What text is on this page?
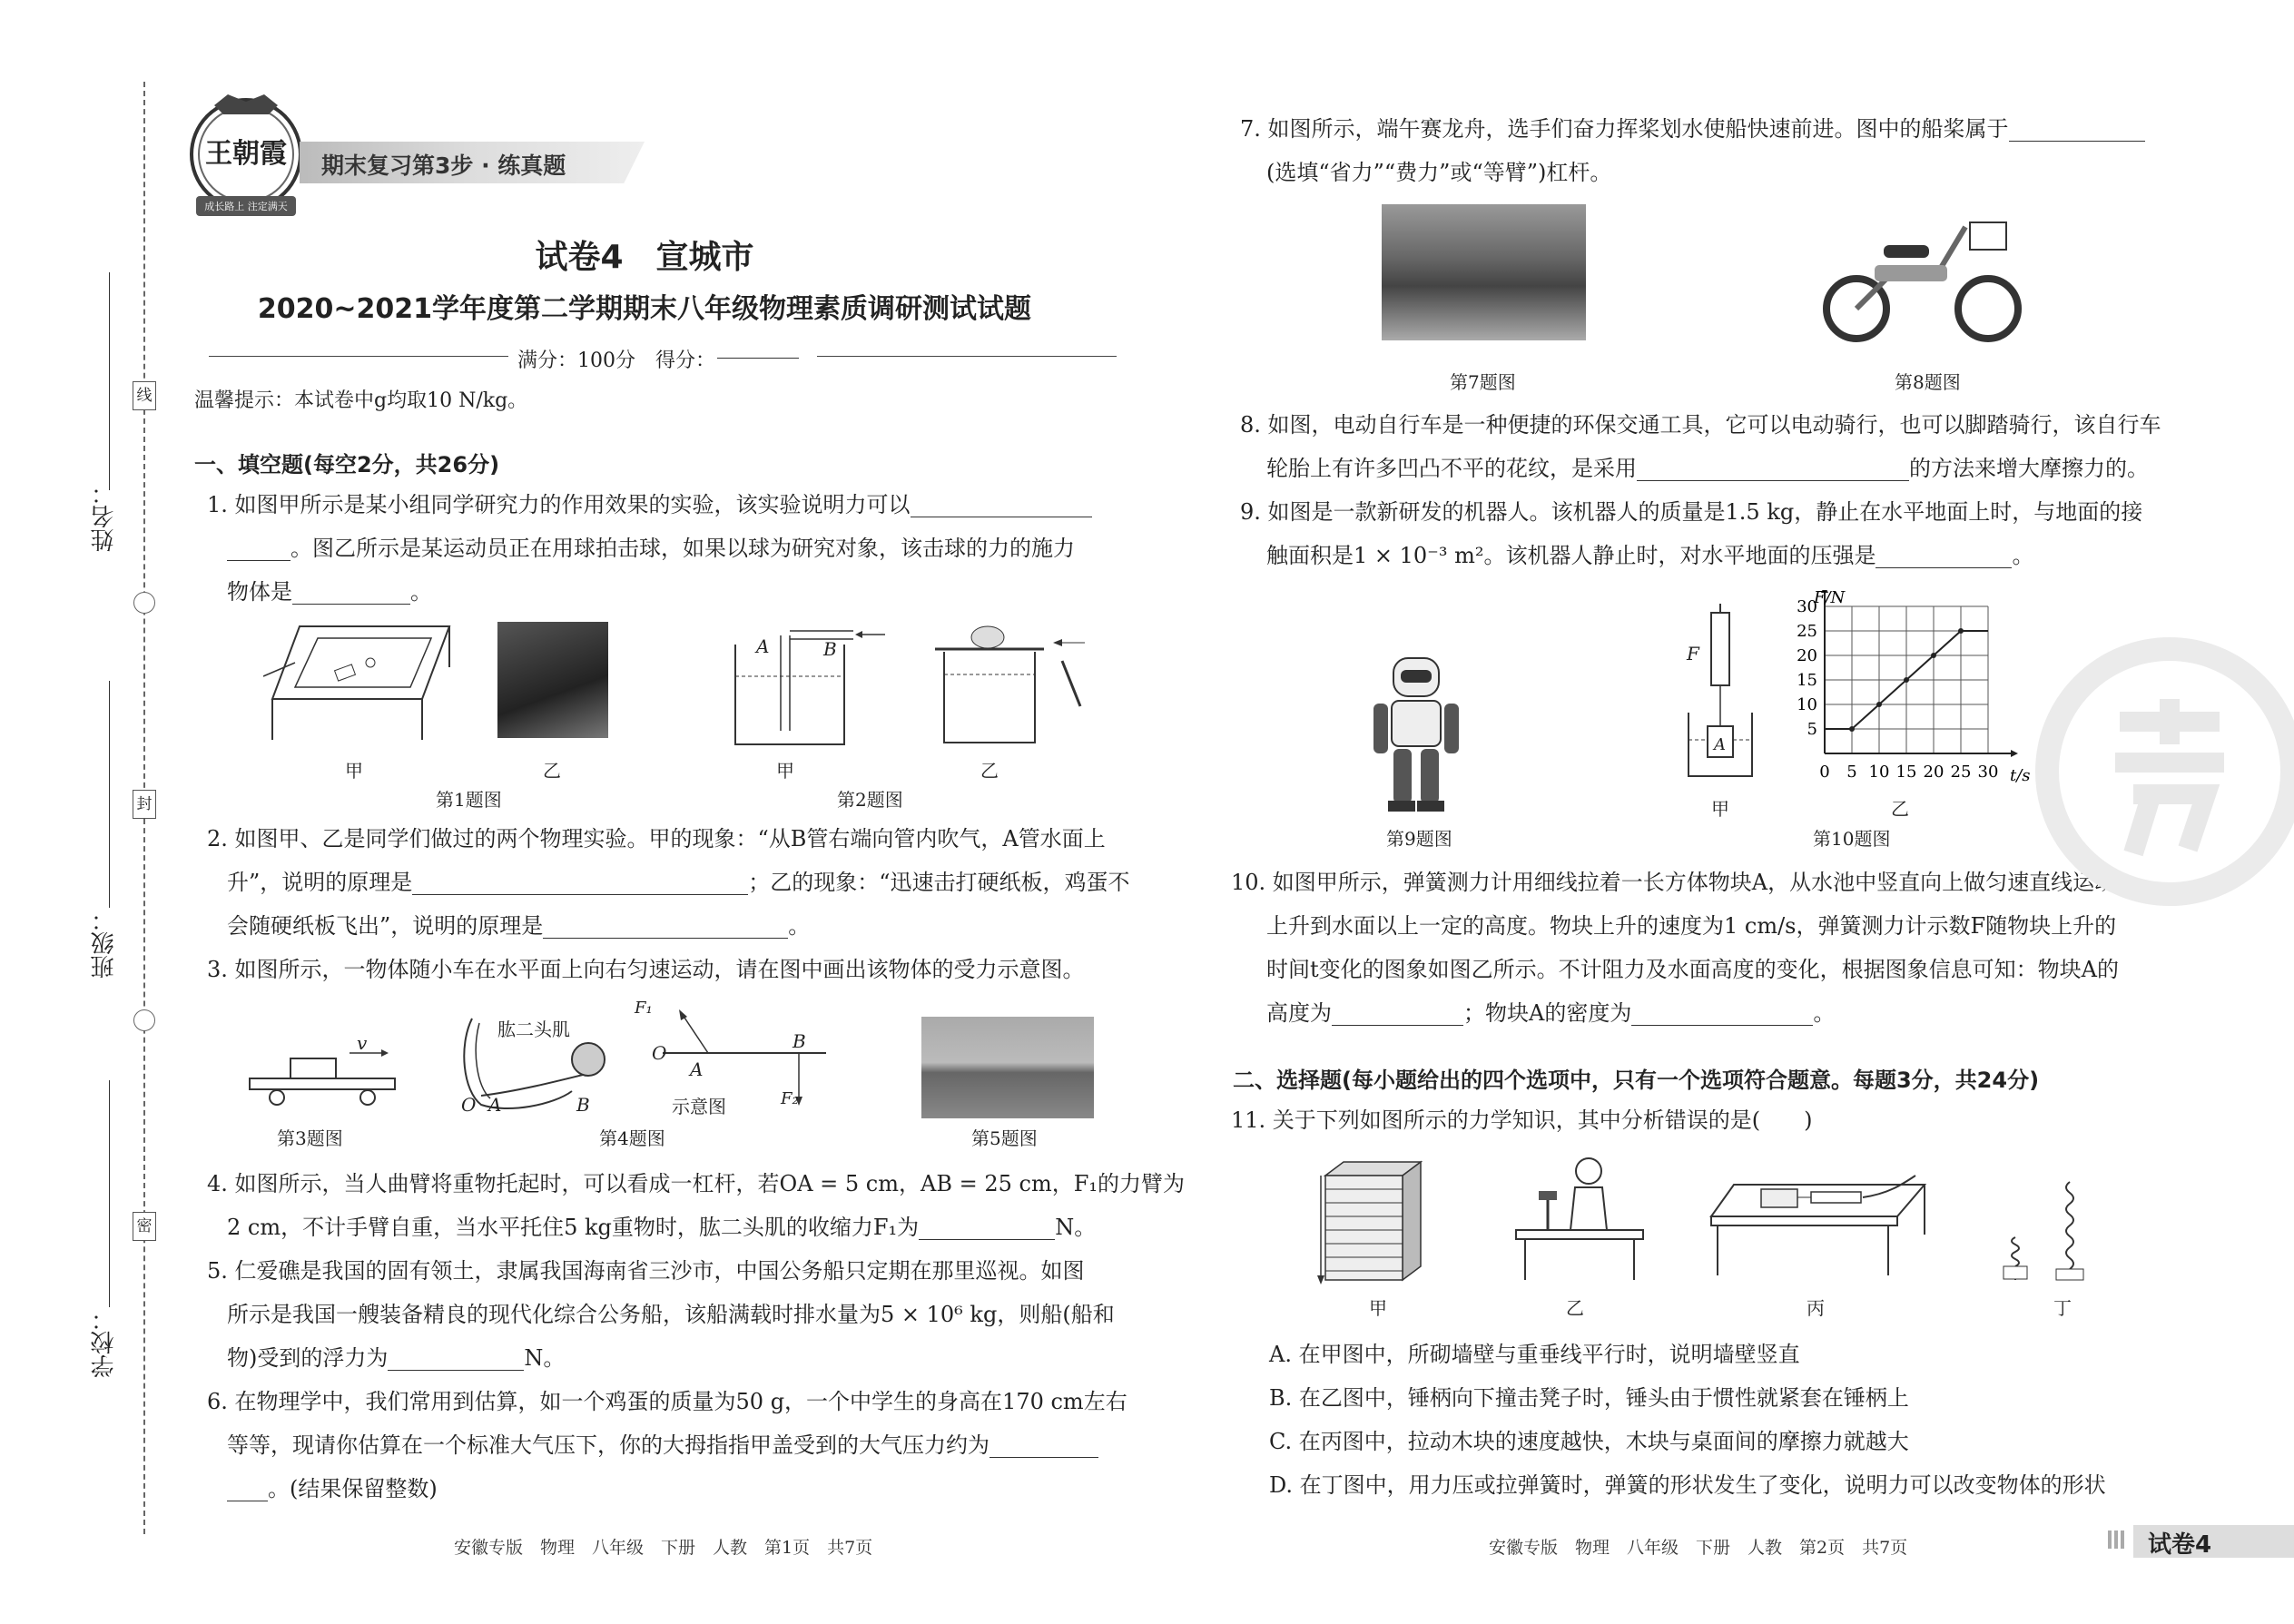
线
封
密
姓名：
班级：
学校：
王朝霞
成长路上 注定满天
期末复习第3步 · 练真题
试卷4　宣城市
2020~2021学年度第二学期期末八年级物理素质调研测试试题
满分：100分　得分：
温馨提示：本试卷中g均取10 N/kg。
一、填空题(每空2分，共26分)
1. 如图甲所示是某小组同学研究力的作用效果的实验，该实验说明力可以
。图乙所示是某运动员正在用球拍击球，如果以球为研究对象，该击球的力的施力
物体是	。
甲	乙
第1题图
A	B
甲	乙
第2题图
2. 如图甲、乙是同学们做过的两个物理实验。甲的现象：“从B管右端向管内吹气，A管水面上
升”，说明的原理是	；乙的现象：“迅速击打硬纸板，鸡蛋不
会随硬纸板飞出”，说明的原理是	。
3. 如图所示，一物体随小车在水平面上向右匀速运动，请在图中画出该物体的受力示意图。
v
第3题图
肱二头肌
O A	B
F₁
O
A
B
F₂
示意图
第4题图	第5题图
4. 如图所示，当人曲臂将重物托起时，可以看成一杠杆，若OA = 5 cm，AB = 25 cm，F₁的力臂为
2 cm，不计手臂自重，当水平托住5 kg重物时，肱二头肌的收缩力F₁为	N。
5. 仁爱礁是我国的固有领土，隶属我国海南省三沙市，中国公务船只定期在那里巡视。如图
所示是我国一艘装备精良的现代化综合公务船，该船满载时排水量为5 × 10⁶ kg，则船(船和
物)受到的浮力为	N。
6. 在物理学中，我们常用到估算，如一个鸡蛋的质量为50 g，一个中学生的身高在170 cm左右
等等，现请你估算在一个标准大气压下，你的大拇指指甲盖受到的大气压力约为
。(结果保留整数)
安徽专版　物理　八年级　下册　人教　第1页　共7页
7. 如图所示，端午赛龙舟，选手们奋力挥桨划水使船快速前进。图中的船桨属于
(选填“省力”“费力”或“等臂”)杠杆。
第7题图	第8题图
8. 如图，电动自行车是一种便捷的环保交通工具，它可以电动骑行，也可以脚踏骑行，该自行车
轮胎上有许多凹凸不平的花纹，是采用	的方法来增大摩擦力的。
9. 如图是一款新研发的机器人。该机器人的质量是1.5 kg，静止在水平地面上时，与地面的接
触面积是1 × 10⁻³ m²。该机器人静止时，对水平地面的压强是	。
第9题图
F
A
甲
0 5 10 15 20 25 30
5
10
15
20
25
30
F/N
t/s
乙
第10题图
10. 如图甲所示，弹簧测力计用细线拉着一长方体物块A，从水池中竖直向上做匀速直线运动，
上升到水面以上一定的高度。物块上升的速度为1 cm/s，弹簧测力计示数F随物块上升的
时间t变化的图象如图乙所示。不计阻力及水面高度的变化，根据图象信息可知：物块A的
高度为	；物块A的密度为	。
二、选择题(每小题给出的四个选项中，只有一个选项符合题意。每题3分，共24分)
11. 关于下列如图所示的力学知识，其中分析错误的是(　　)
甲	乙	丙	丁
A. 在甲图中，所砌墙壁与重垂线平行时，说明墙壁竖直
B. 在乙图中，锤柄向下撞击凳子时，锤头由于惯性就紧套在锤柄上
C. 在丙图中，拉动木块的速度越快，木块与桌面间的摩擦力就越大
D. 在丁图中，用力压或拉弹簧时，弹簧的形状发生了变化，说明力可以改变物体的形状
安徽专版　物理　八年级　下册　人教　第2页　共7页	试卷4
